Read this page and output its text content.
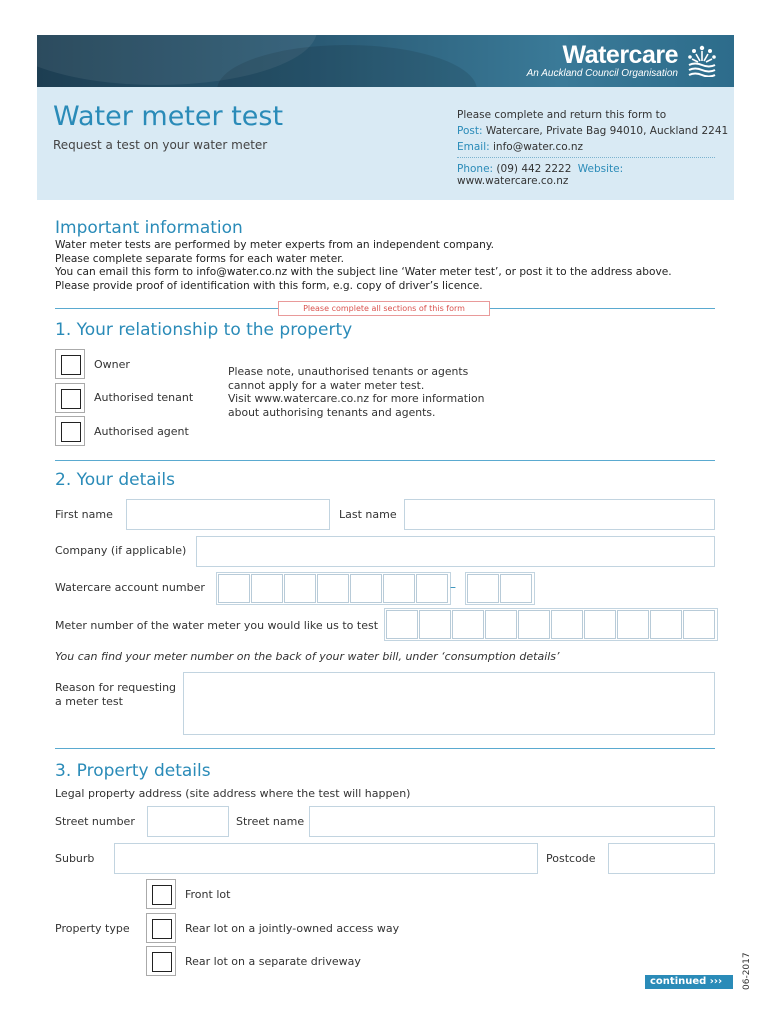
Watercare
An Auckland Council Organisation
Water meter test
Request a test on your water meter
Please complete and return this form to
Post: Watercare, Private Bag 94010, Auckland 2241
Email: info@water.co.nz
Phone: (09) 442 2222 Website: www.watercare.co.nz
Important information
Water meter tests are performed by meter experts from an independent company.
Please complete separate forms for each water meter.
You can email this form to info@water.co.nz with the subject line ‘Water meter test’, or post it to the address above.
Please provide proof of identification with this form, e.g. copy of driver’s licence.
Please complete all sections of this form
1. Your relationship to the property
Owner
Authorised tenant
Authorised agent
Please note, unauthorised tenants or agents
cannot apply for a water meter test.
Visit www.watercare.co.nz for more information
about authorising tenants and agents.
2. Your details
First name	Last name
Company (if applicable)
Watercare account number	–
Meter number of the water meter you would like us to test
You can find your meter number on the back of your water bill, under ‘consumption details’
Reason for requesting
a meter test
3. Property details
Legal property address (site address where the test will happen)
Street number	Street name
Suburb	Postcode
Property type
Front lot
Rear lot on a jointly-owned access way
Rear lot on a separate driveway
continued ›››	06-2017
